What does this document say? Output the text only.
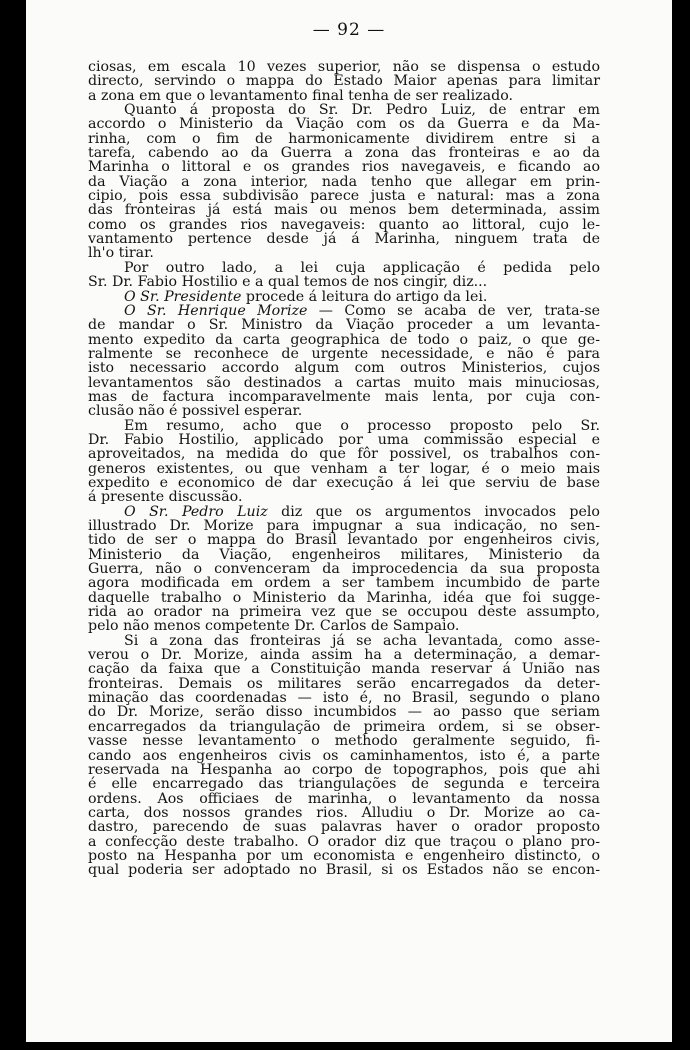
— 92 —
ciosas, em escala 10 vezes superior, não se dispensa o estudo
directo, servindo o mappa do Estado Maior apenas para limitar
a zona em que o levantamento final tenha de ser realizado.
Quanto á proposta do Sr. Dr. Pedro Luiz, de entrar em
accordo o Ministerio da Viação com os da Guerra e da Ma-
rinha, com o fim de harmonicamente dividirem entre si a
tarefa, cabendo ao da Guerra a zona das fronteiras e ao da
Marinha o littoral e os grandes rios navegaveis, e ficando ao
da Viação a zona interior, nada tenho que allegar em prin-
cipio, pois essa subdivisão parece justa e natural: mas a zona
das fronteiras já está mais ou menos bem determinada, assim
como os grandes rios navegaveis: quanto ao littoral, cujo le-
vantamento pertence desde já á Marinha, ninguem trata de
lh'o tirar.
Por outro lado, a lei cuja applicação é pedida pelo
Sr. Dr. Fabio Hostilio e a qual temos de nos cingir, diz...
O Sr. Presidente procede á leitura do artigo da lei.
O Sr. Henrique Morize — Como se acaba de ver, trata-se
de mandar o Sr. Ministro da Viação proceder a um levanta-
mento expedito da carta geographica de todo o paiz, o que ge-
ralmente se reconhece de urgente necessidade, e não é para
isto necessario accordo algum com outros Ministerios, cujos
levantamentos são destinados a cartas muito mais minuciosas,
mas de factura incomparavelmente mais lenta, por cuja con-
clusão não é possivel esperar.
Em resumo, acho que o processo proposto pelo Sr.
Dr. Fabio Hostilio, applicado por uma commissão especial e
aproveitados, na medida do que fôr possivel, os trabalhos con-
generos existentes, ou que venham a ter logar, é o meio mais
expedito e economico de dar execução á lei que serviu de base
á presente discussão.
O Sr. Pedro Luiz diz que os argumentos invocados pelo
illustrado Dr. Morize para impugnar a sua indicação, no sen-
tido de ser o mappa do Brasil levantado por engenheiros civis,
Ministerio da Viação, engenheiros militares, Ministerio da
Guerra, não o convenceram da improcedencia da sua proposta
agora modificada em ordem a ser tambem incumbido de parte
daquelle trabalho o Ministerio da Marinha, idéa que foi sugge-
rida ao orador na primeira vez que se occupou deste assumpto,
pelo não menos competente Dr. Carlos de Sampaio.
Si a zona das fronteiras já se acha levantada, como asse-
verou o Dr. Morize, ainda assim ha a determinação, a demar-
cação da faixa que a Constituição manda reservar á União nas
fronteiras. Demais os militares serão encarregados da deter-
minação das coordenadas — isto é, no Brasil, segundo o plano
do Dr. Morize, serão disso incumbidos — ao passo que seriam
encarregados da triangulação de primeira ordem, si se obser-
vasse nesse levantamento o methodo geralmente seguido, fi-
cando aos engenheiros civis os caminhamentos, isto é, a parte
reservada na Hespanha ao corpo de topographos, pois que ahi
é elle encarregado das triangulações de segunda e terceira
ordens. Aos officiaes de marinha, o levantamento da nossa
carta, dos nossos grandes rios. Alludiu o Dr. Morize ao ca-
dastro, parecendo de suas palavras haver o orador proposto
a confecção deste trabalho. O orador diz que traçou o plano pro-
posto na Hespanha por um economista e engenheiro distincto, o
qual poderia ser adoptado no Brasil, si os Estados não se encon-
